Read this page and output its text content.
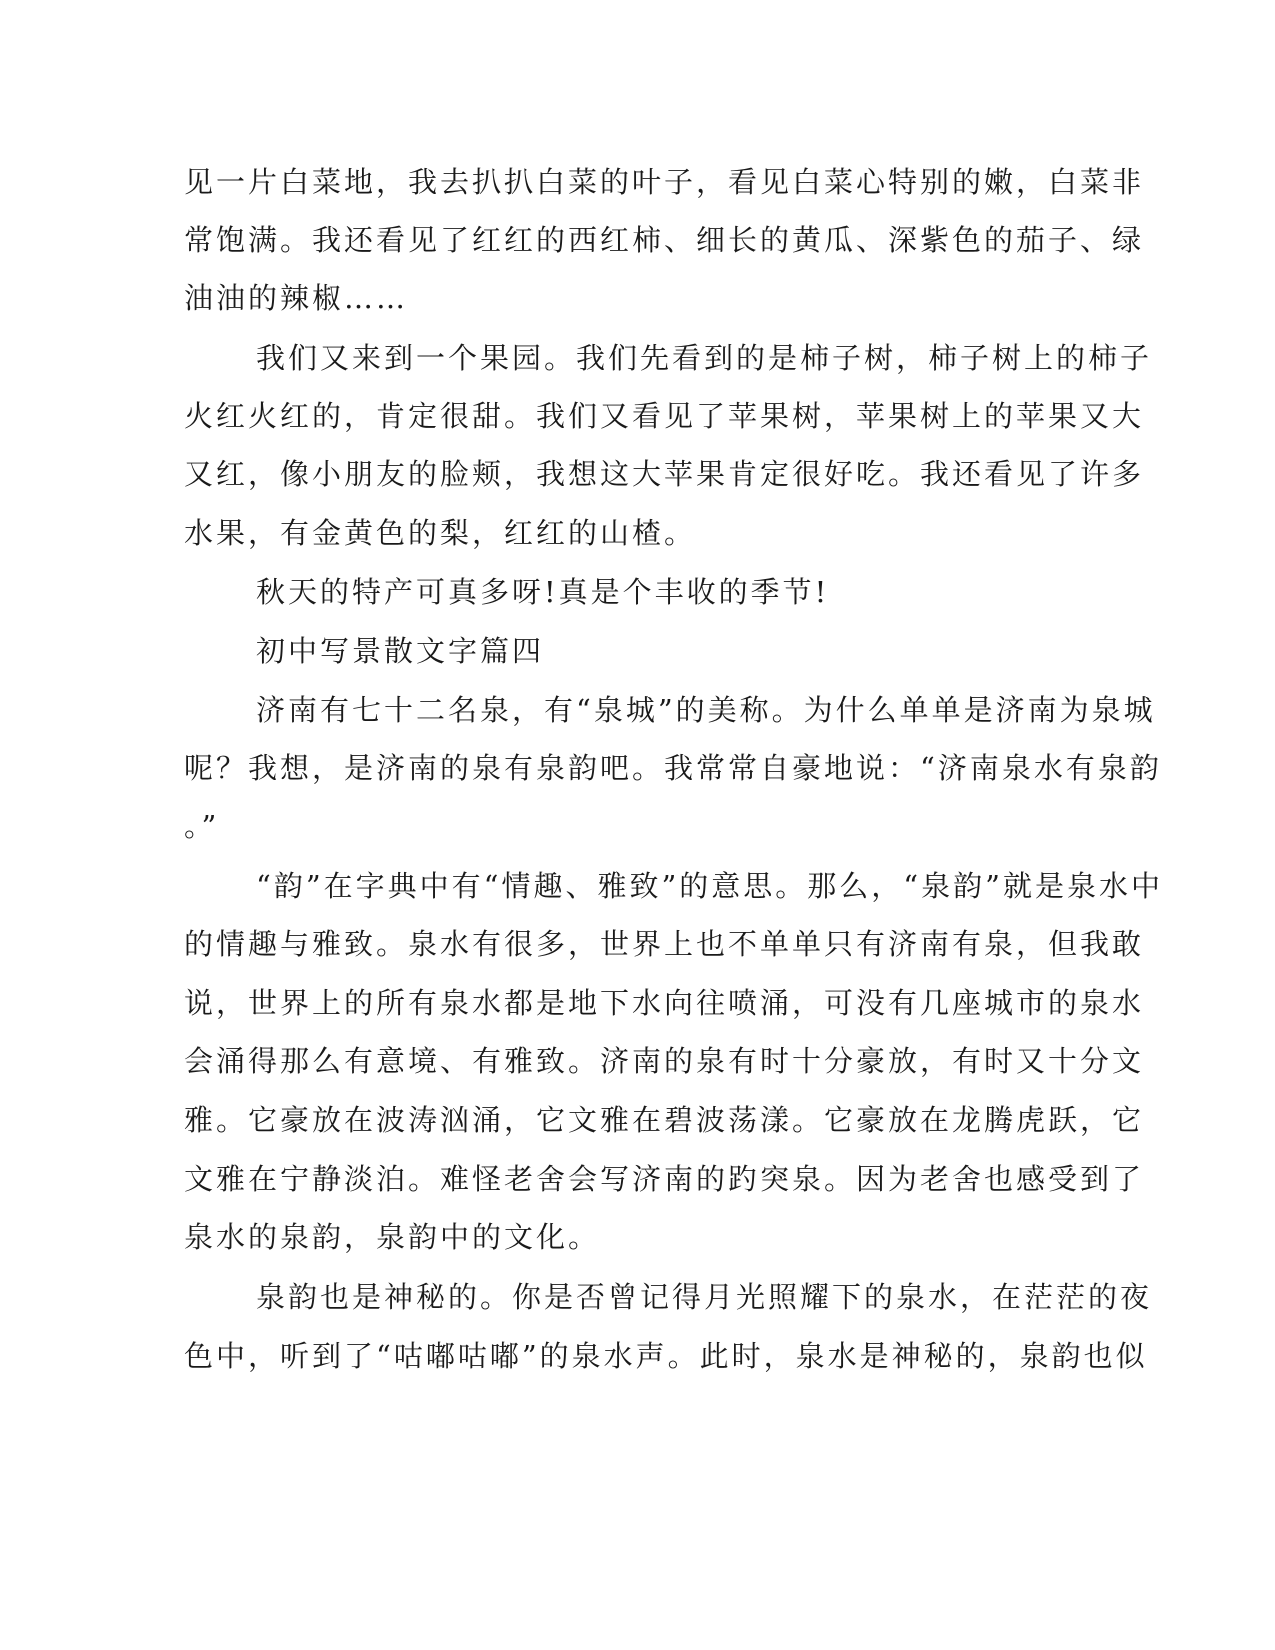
见一片白菜地，我去扒扒白菜的叶子，看见白菜心特别的嫩，白菜非
常饱满。我还看见了红红的西红柿、细长的黄瓜、深紫色的茄子、绿
油油的辣椒……
我们又来到一个果园。我们先看到的是柿子树，柿子树上的柿子
火红火红的，肯定很甜。我们又看见了苹果树，苹果树上的苹果又大
又红，像小朋友的脸颊，我想这大苹果肯定很好吃。我还看见了许多
水果，有金黄色的梨，红红的山楂。
秋天的特产可真多呀!真是个丰收的季节!
初中写景散文字篇四
济南有七十二名泉，有“泉城”的美称。为什么单单是济南为泉城
呢？我想，是济南的泉有泉韵吧。我常常自豪地说：“济南泉水有泉韵
。”
“韵”在字典中有“情趣、雅致”的意思。那么，“泉韵”就是泉水中
的情趣与雅致。泉水有很多，世界上也不单单只有济南有泉，但我敢
说，世界上的所有泉水都是地下水向往喷涌，可没有几座城市的泉水
会涌得那么有意境、有雅致。济南的泉有时十分豪放，有时又十分文
雅。它豪放在波涛汹涌，它文雅在碧波荡漾。它豪放在龙腾虎跃，它
文雅在宁静淡泊。难怪老舍会写济南的趵突泉。因为老舍也感受到了
泉水的泉韵，泉韵中的文化。
泉韵也是神秘的。你是否曾记得月光照耀下的泉水，在茫茫的夜
色中，听到了“咕嘟咕嘟”的泉水声。此时，泉水是神秘的，泉韵也似
